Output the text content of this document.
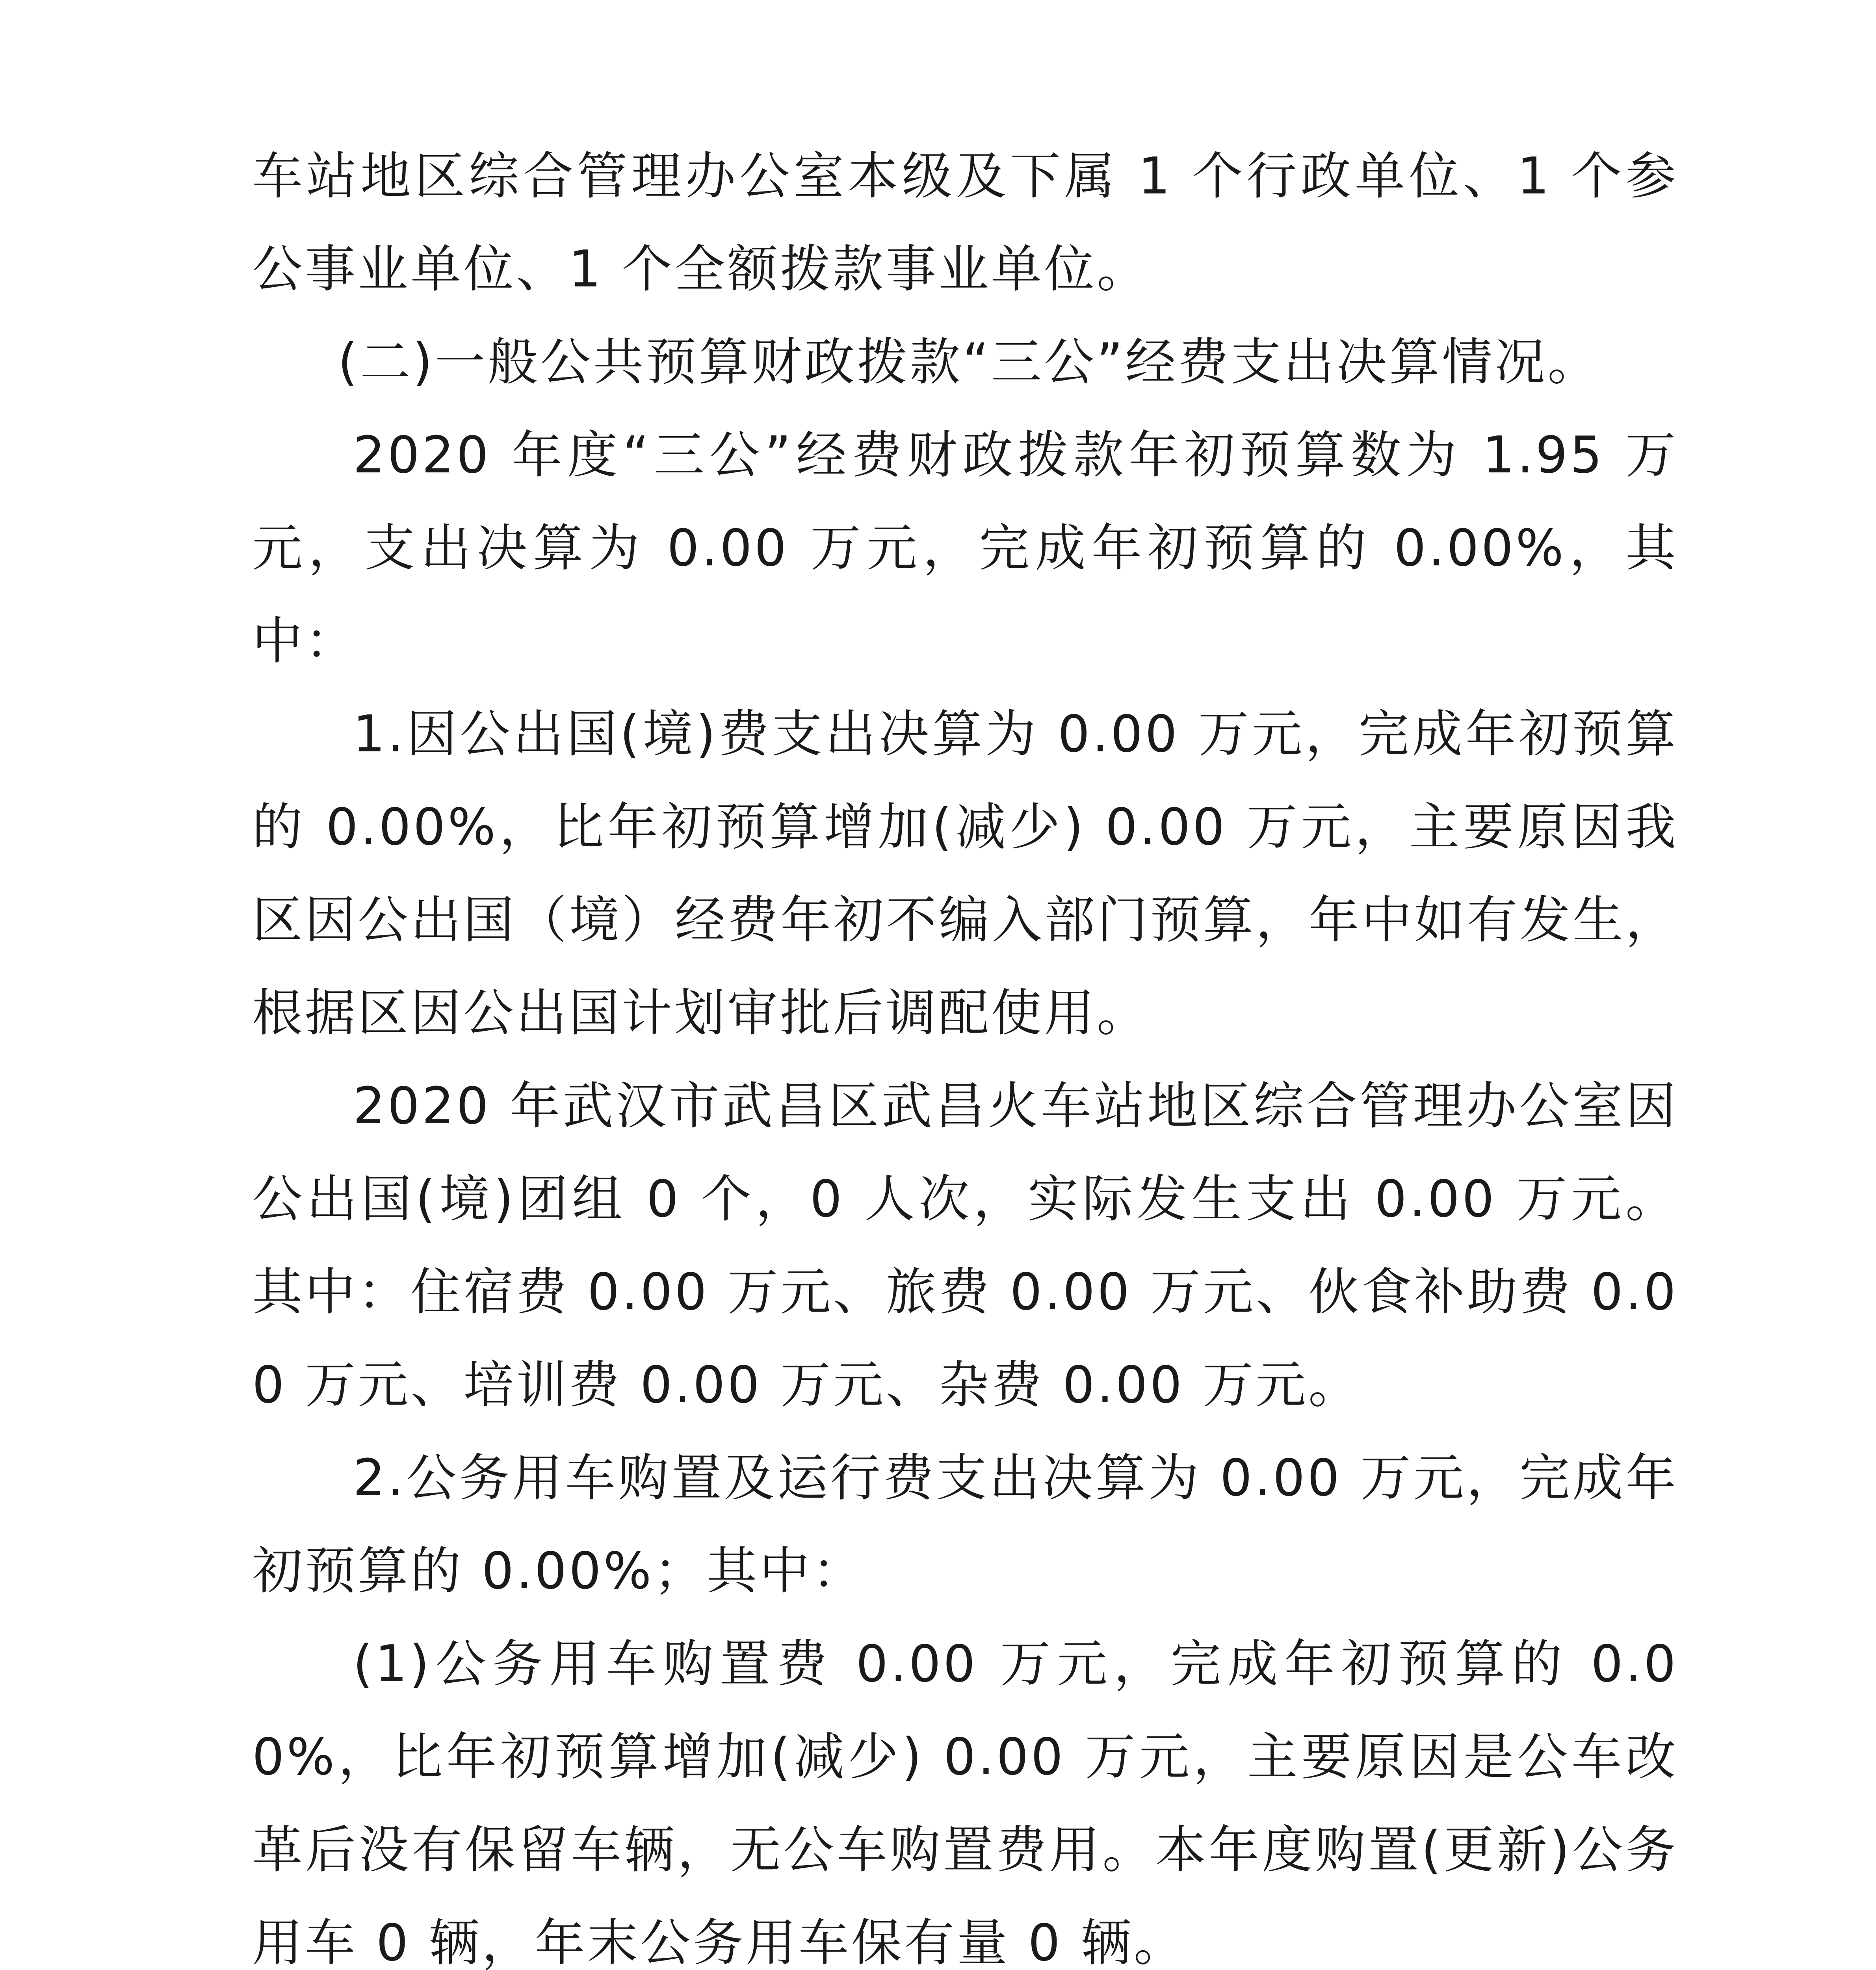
车站地区综合管理办公室本级及下属 1 个行政单位、1 个参公事业单位、1 个全额拨款事业单位。

(二)一般公共预算财政拨款“三公”经费支出决算情况。

2020 年度“三公”经费财政拨款年初预算数为 1.95 万元，支出决算为 0.00 万元，完成年初预算的 0.00%，其中：

1.因公出国(境)费支出决算为 0.00 万元，完成年初预算的 0.00%，比年初预算增加(减少) 0.00 万元，主要原因我区因公出国（境）经费年初不编入部门预算，年中如有发生，根据区因公出国计划审批后调配使用。

2020 年武汉市武昌区武昌火车站地区综合管理办公室因公出国(境)团组 0 个，0 人次，实际发生支出 0.00 万元。其中：住宿费 0.00 万元、旅费 0.00 万元、伙食补助费 0.00 万元、培训费 0.00 万元、杂费 0.00 万元。

2.公务用车购置及运行费支出决算为 0.00 万元，完成年初预算的 0.00%；其中：

(1)公务用车购置费 0.00 万元，完成年初预算的 0.00%，比年初预算增加(减少) 0.00 万元，主要原因是公车改革后没有保留车辆，无公车购置费用。本年度购置(更新)公务用车 0 辆，年末公务用车保有量 0 辆。
